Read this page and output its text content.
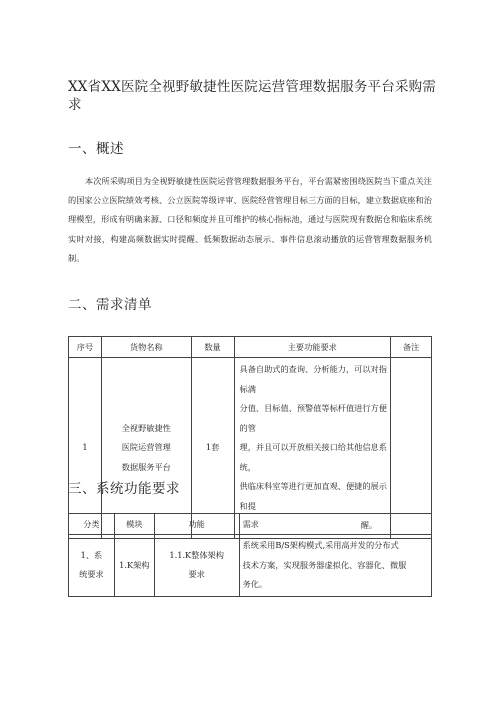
XX省XX医院全视野敏捷性医院运营管理数据服务平台采购需求
一、概述
本次所采购项目为全视野敏捷性医院运营管理数据服务平台，平台需紧密围绕医院当下重点关注的国家公立医院绩效考核、公立医院等级评审、医院经营管理目标三方面的目标，建立数据底座和治理模型，形成有明确来源、口径和频度并且可维护的核心指标池，通过与医院现有数据仓和临床系统实时对接，构建高频数据实时提醒、低频数据动态展示、事件信息滚动播放的运营管理数据服务机制。
二、需求清单
序号	货物名称	数量	主要功能要求	备注
1	全视野敏捷性
医院运营管理
数据服务平台	1套	具备自助式的查询、分析能力，可以对指标满
分值、目标值、预警值等标杆值进行方便的管
理，并且可以开放相关接口给其他信息系统，
供临床科室等进行更加直观、便捷的展示和提
醒。	

三、系统功能要求
分类	模块	功能	需求

1、系
统要求	1.K架构	1.1.K整体架构
要求	系统采用B/S架构模式,采用高并发的分布式
技术方案，实现服务器虚拟化、容器化、微服
务化。
